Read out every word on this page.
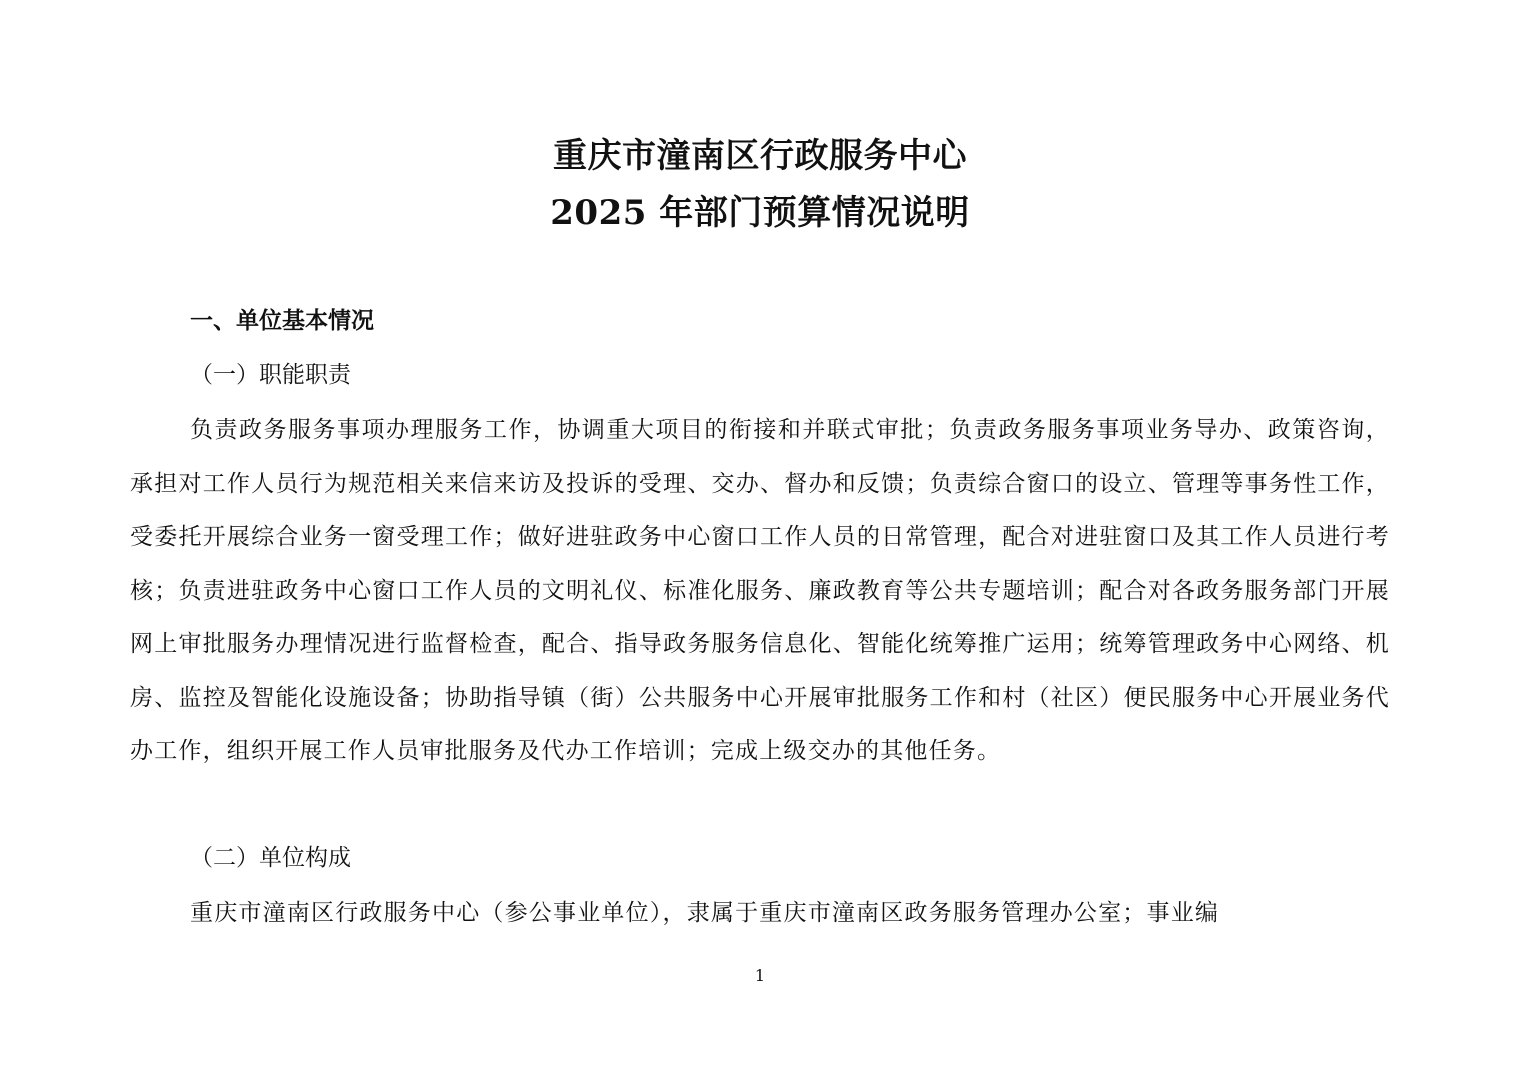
重庆市潼南区行政服务中心
2025 年部门预算情况说明
一、单位基本情况
（一）职能职责
负责政务服务事项办理服务工作，协调重大项目的衔接和并联式审批；负责政务服务事项业务导办、政策咨询，承担对工作人员行为规范相关来信来访及投诉的受理、交办、督办和反馈；负责综合窗口的设立、管理等事务性工作，受委托开展综合业务一窗受理工作；做好进驻政务中心窗口工作人员的日常管理，配合对进驻窗口及其工作人员进行考核；负责进驻政务中心窗口工作人员的文明礼仪、标准化服务、廉政教育等公共专题培训；配合对各政务服务部门开展网上审批服务办理情况进行监督检查，配合、指导政务服务信息化、智能化统筹推广运用；统筹管理政务中心网络、机房、监控及智能化设施设备；协助指导镇（街）公共服务中心开展审批服务工作和村（社区）便民服务中心开展业务代办工作，组织开展工作人员审批服务及代办工作培训；完成上级交办的其他任务。
（二）单位构成
重庆市潼南区行政服务中心（参公事业单位），隶属于重庆市潼南区政务服务管理办公室；事业编
1
